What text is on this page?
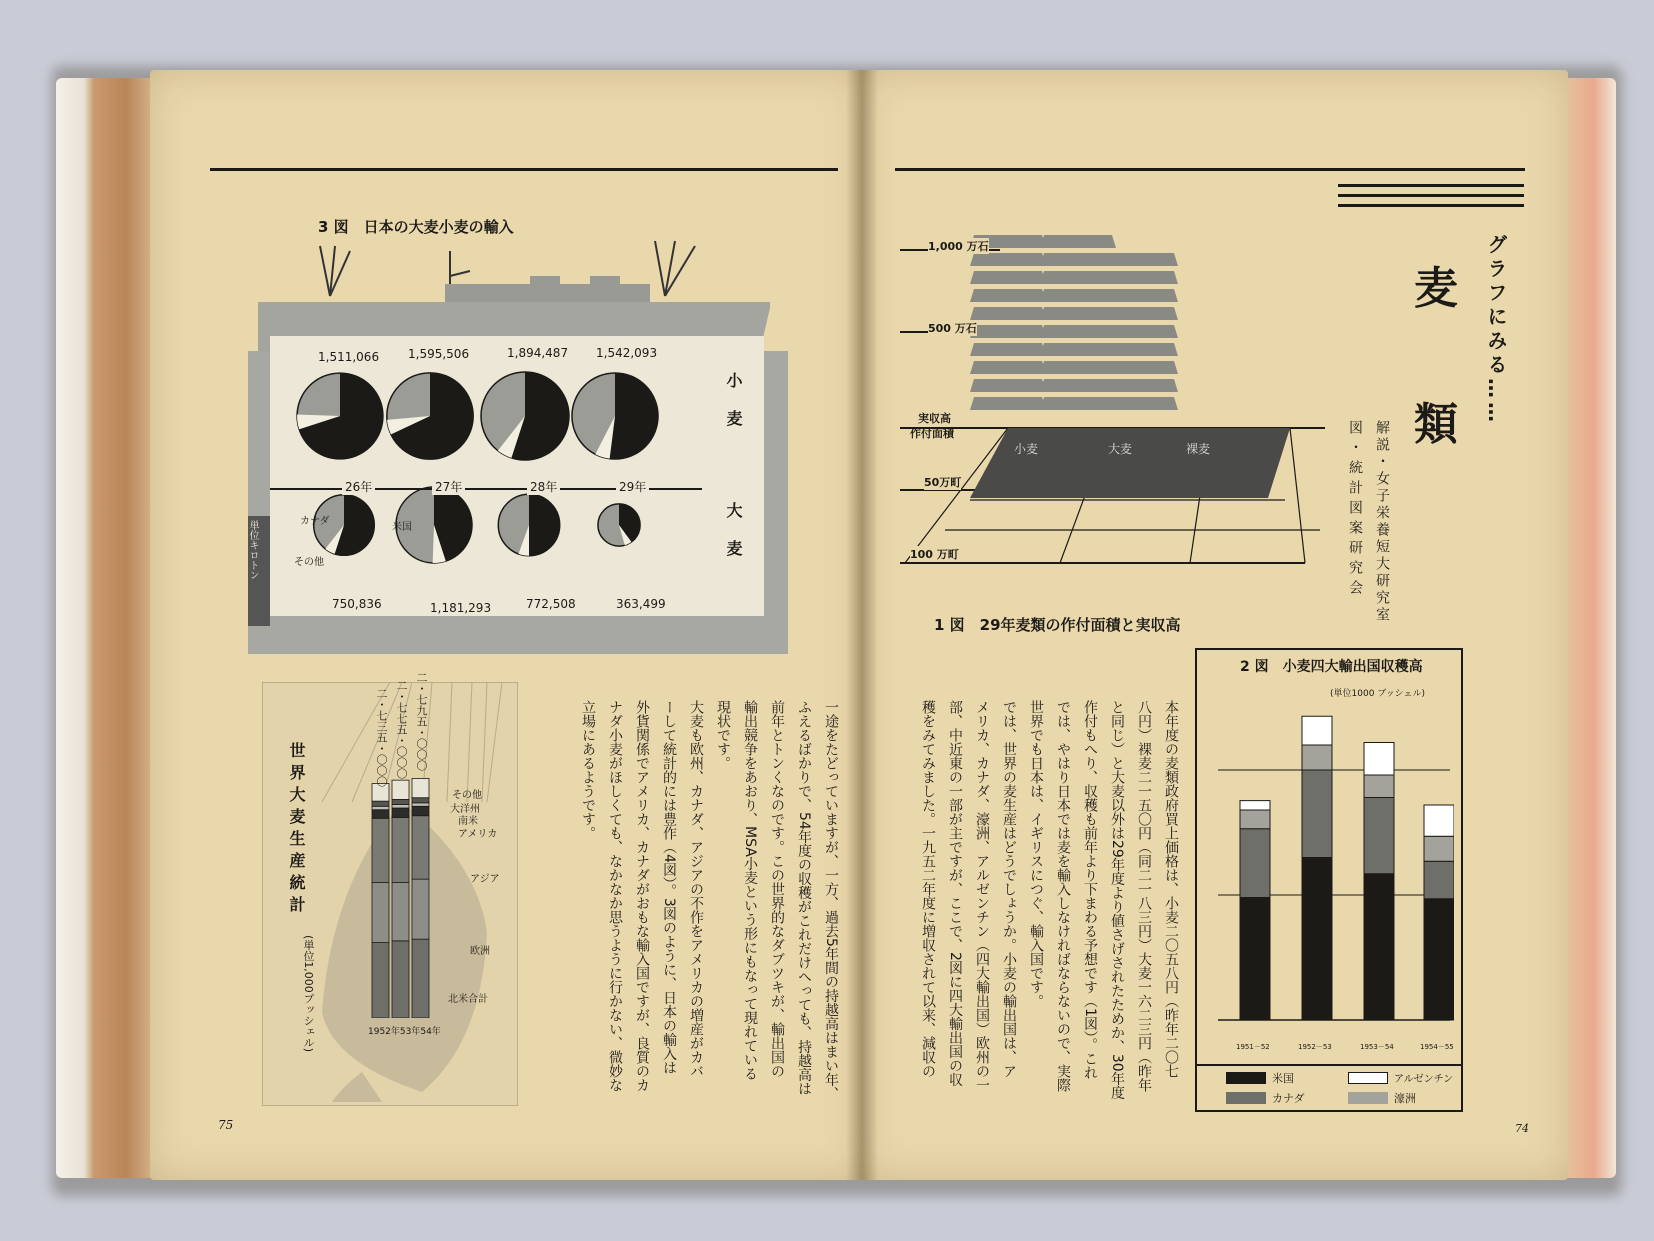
3 図　日本の大麦小麦の輸入
単位キロトン
1,511,066 1,595,506	1,894,487 1,542,093
26年	27年	28年	29年
小麦
大麦
カナダ
米国
その他
750,836	1,181,293	772,508	363,499
世界大麦生産統計
(単位1,000ブッシェル)
二・七三五・〇〇〇 二・七七五・〇〇〇 二・七九五・〇〇〇
その他
大洋州
南米
アメリカ
アジア
欧洲
北米合計
1952年53年54年	一途をたどっていますが、一方、過去5年間の持越高はまい年、
ふえるばかりで、54年度の収穫がこれだけへっても、持越高は
前年とトンくなのです。この世界的なダブツキが、輸出国の
輸出競争をあおり、MSA小麦という形にもなって現れている
現状です。
大麦も欧州、カナダ、アジアの不作をアメリカの増産がカバ
ーして統計的には豊作（4図）。3図のように、日本の輸入は
外貨関係でアメリカ、カナダがおもな輸入国ですが、良質のカ
ナダ小麦がほしくても、なかなか思うように行かない、微妙な
立場にあるようです。
75
グラフにみる……
麦
類
解説・女子栄養短大研究室
図・統計図案研究会
1,000 万石
500 万石
実収高
作付面積
50万町
100 万町
小麦	大麦	裸麦
1 図　29年麦類の作付面積と実収高
2 図　小麦四大輸出国収穫高
(単位1000 ブッシェル)
1951－52	1952－53	1953－54	1954－55
米国	アルゼンチン
カナダ	濠洲
本年度の麦類政府買上価格は、小麦二〇五八円（昨年二〇七
八円）裸麦二一五〇円（同二一八三円）大麦一六二三円（昨年
と同じ）と大麦以外は29年度より値さげされたためか、30年度
作付もへり、収穫も前年より下まわる予想です（1図）。これ
では、やはり日本では麦を輸入しなければならないので、実際
世界でも日本は、イギリスにつぐ、輸入国です。
では、世界の麦生産はどうでしょうか。小麦の輸出国は、ア
メリカ、カナダ、濠洲、アルゼンチン（四大輸出国）欧州の一
部、中近東の一部が主ですが、ここで、2図に四大輸出国の収
穫をみてみました。一九五二年度に増収されて以来、減収の
74
